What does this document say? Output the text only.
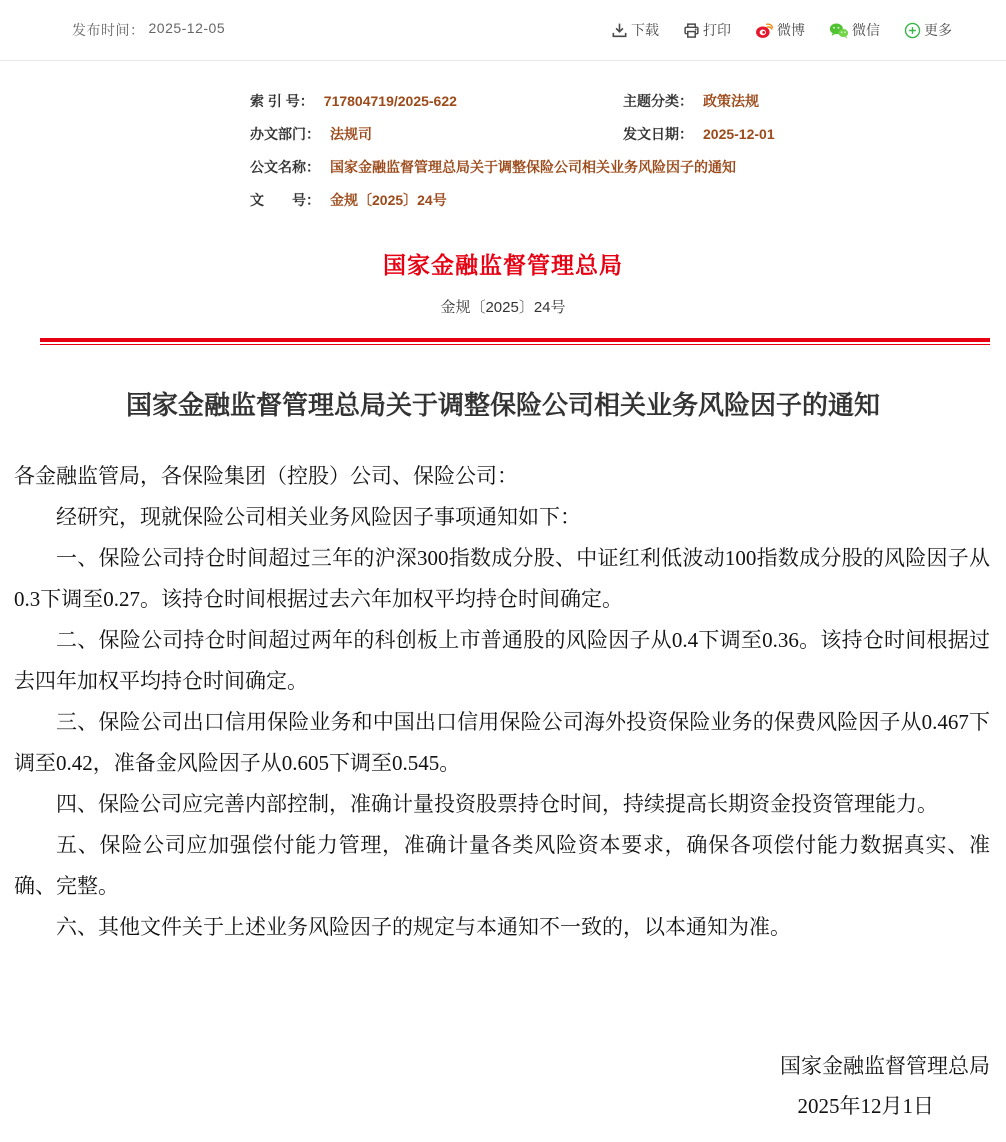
发布时间： 2025-12-05	下载	打印	微博	微信	更多
索 引 号： 717804719/2025-622	主题分类： 政策法规
办文部门： 法规司	发文日期： 2025-12-01
公文名称： 国家金融监督管理总局关于调整保险公司相关业务风险因子的通知
文　　号： 金规〔2025〕24号
国家金融监督管理总局
金规〔2025〕24号
国家金融监督管理总局关于调整保险公司相关业务风险因子的通知

各金融监管局，各保险集团（控股）公司、保险公司：

经研究，现就保险公司相关业务风险因子事项通知如下：

一、保险公司持仓时间超过三年的沪深300指数成分股、中证红利低波动100指数成分股的风险因子从0.3下调至0.27。该持仓时间根据过去六年加权平均持仓时间确定。

二、保险公司持仓时间超过两年的科创板上市普通股的风险因子从0.4下调至0.36。该持仓时间根据过去四年加权平均持仓时间确定。

三、保险公司出口信用保险业务和中国出口信用保险公司海外投资保险业务的保费风险因子从0.467下调至0.42，准备金风险因子从0.605下调至0.545。

四、保险公司应完善内部控制，准确计量投资股票持仓时间，持续提高长期资金投资管理能力。

五、保险公司应加强偿付能力管理，准确计量各类风险资本要求，确保各项偿付能力数据真实、准确、完整。

六、其他文件关于上述业务风险因子的规定与本通知不一致的，以本通知为准。

国家金融监督管理总局
2025年12月1日
